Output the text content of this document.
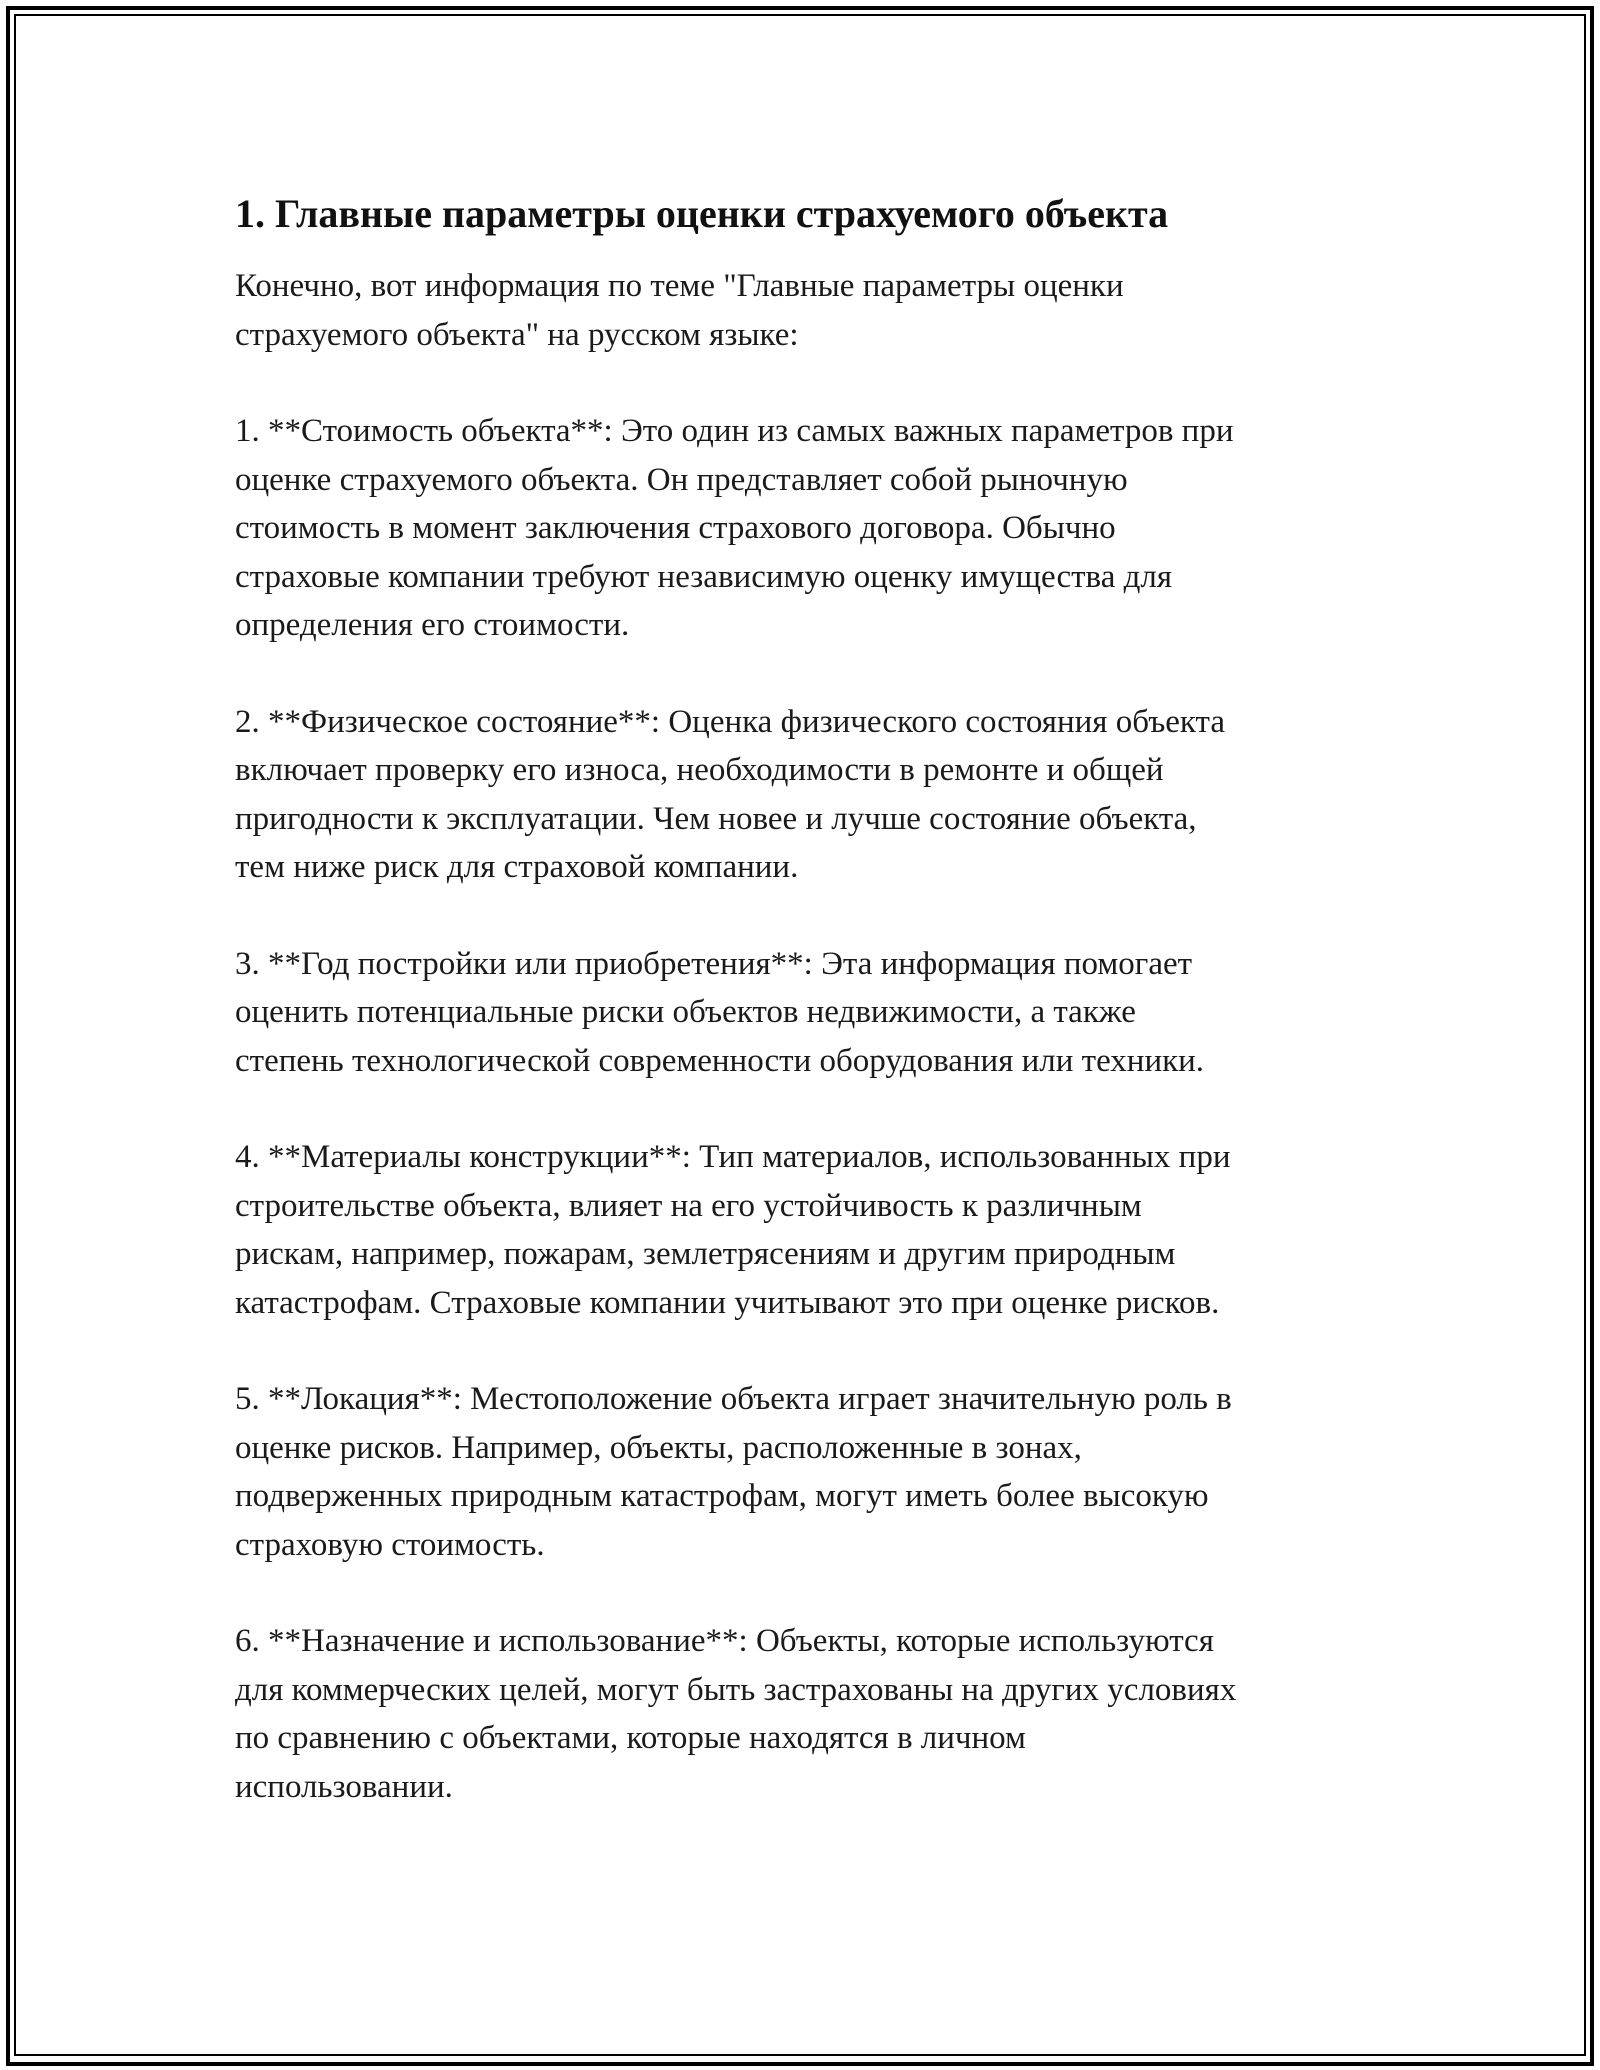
1. Главные параметры оценки страхуемого объекта

Конечно, вот информация по теме "Главные параметры оценки
страхуемого объекта" на русском языке:

1. **Стоимость объекта**: Это один из самых важных параметров при
оценке страхуемого объекта. Он представляет собой рыночную
стоимость в момент заключения страхового договора. Обычно
страховые компании требуют независимую оценку имущества для
определения его стоимости.

2. **Физическое состояние**: Оценка физического состояния объекта
включает проверку его износа, необходимости в ремонте и общей
пригодности к эксплуатации. Чем новее и лучше состояние объекта,
тем ниже риск для страховой компании.

3. **Год постройки или приобретения**: Эта информация помогает
оценить потенциальные риски объектов недвижимости, а также
степень технологической современности оборудования или техники.

4. **Материалы конструкции**: Тип материалов, использованных при
строительстве объекта, влияет на его устойчивость к различным
рискам, например, пожарам, землетрясениям и другим природным
катастрофам. Страховые компании учитывают это при оценке рисков.

5. **Локация**: Местоположение объекта играет значительную роль в
оценке рисков. Например, объекты, расположенные в зонах,
подверженных природным катастрофам, могут иметь более высокую
страховую стоимость.

6. **Назначение и использование**: Объекты, которые используются
для коммерческих целей, могут быть застрахованы на других условиях
по сравнению с объектами, которые находятся в личном
использовании.
